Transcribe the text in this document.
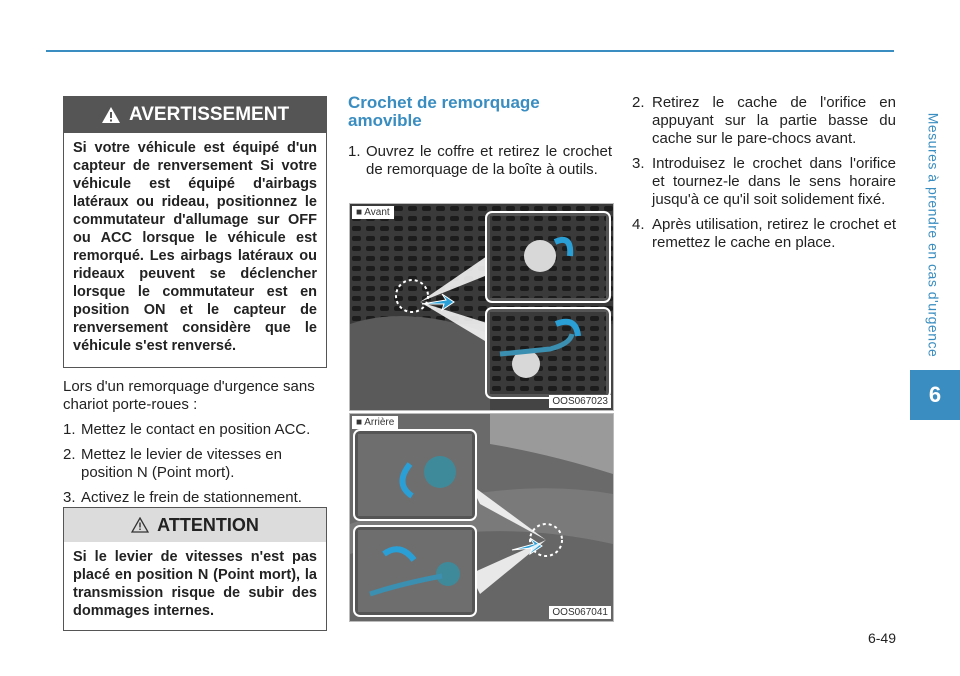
Mesures à prendre en cas d'urgence
6
AVERTISSEMENT
Si votre véhicule est équipé d'un capteur de renversement Si votre véhicule est équipé d'airbags latéraux ou rideau, positionnez le commutateur d'allumage sur OFF ou ACC lorsque le véhicule est remorqué. Les airbags latéraux ou rideaux peuvent se déclencher lorsque le commutateur est en position ON et le capteur de renversement considère que le véhicule s'est renversé.

Lors d'un remorquage d'urgence sans chariot porte-roues :

1. Mettez le contact en position ACC.
2. Mettez le levier de vitesses en position N (Point mort).
3. Activez le frein de stationnement.
ATTENTION
Si le levier de vitesses n'est pas placé en position N (Point mort), la transmission risque de subir des dommages internes.
Crochet de remorquage amovible
1. Ouvrez le coffre et retirez le crochet de remorquage de la boîte à outils.
■ Avant
OOS067023
■ Arrière
OOS067041
2. Retirez le cache de l'orifice en appuyant sur la partie basse du cache sur le pare-chocs avant.
3. Introduisez le crochet dans l'orifice et tournez-le dans le sens horaire jusqu'à ce qu'il soit solidement fixé.
4. Après utilisation, retirez le crochet et remettez le cache en place.
6-49
